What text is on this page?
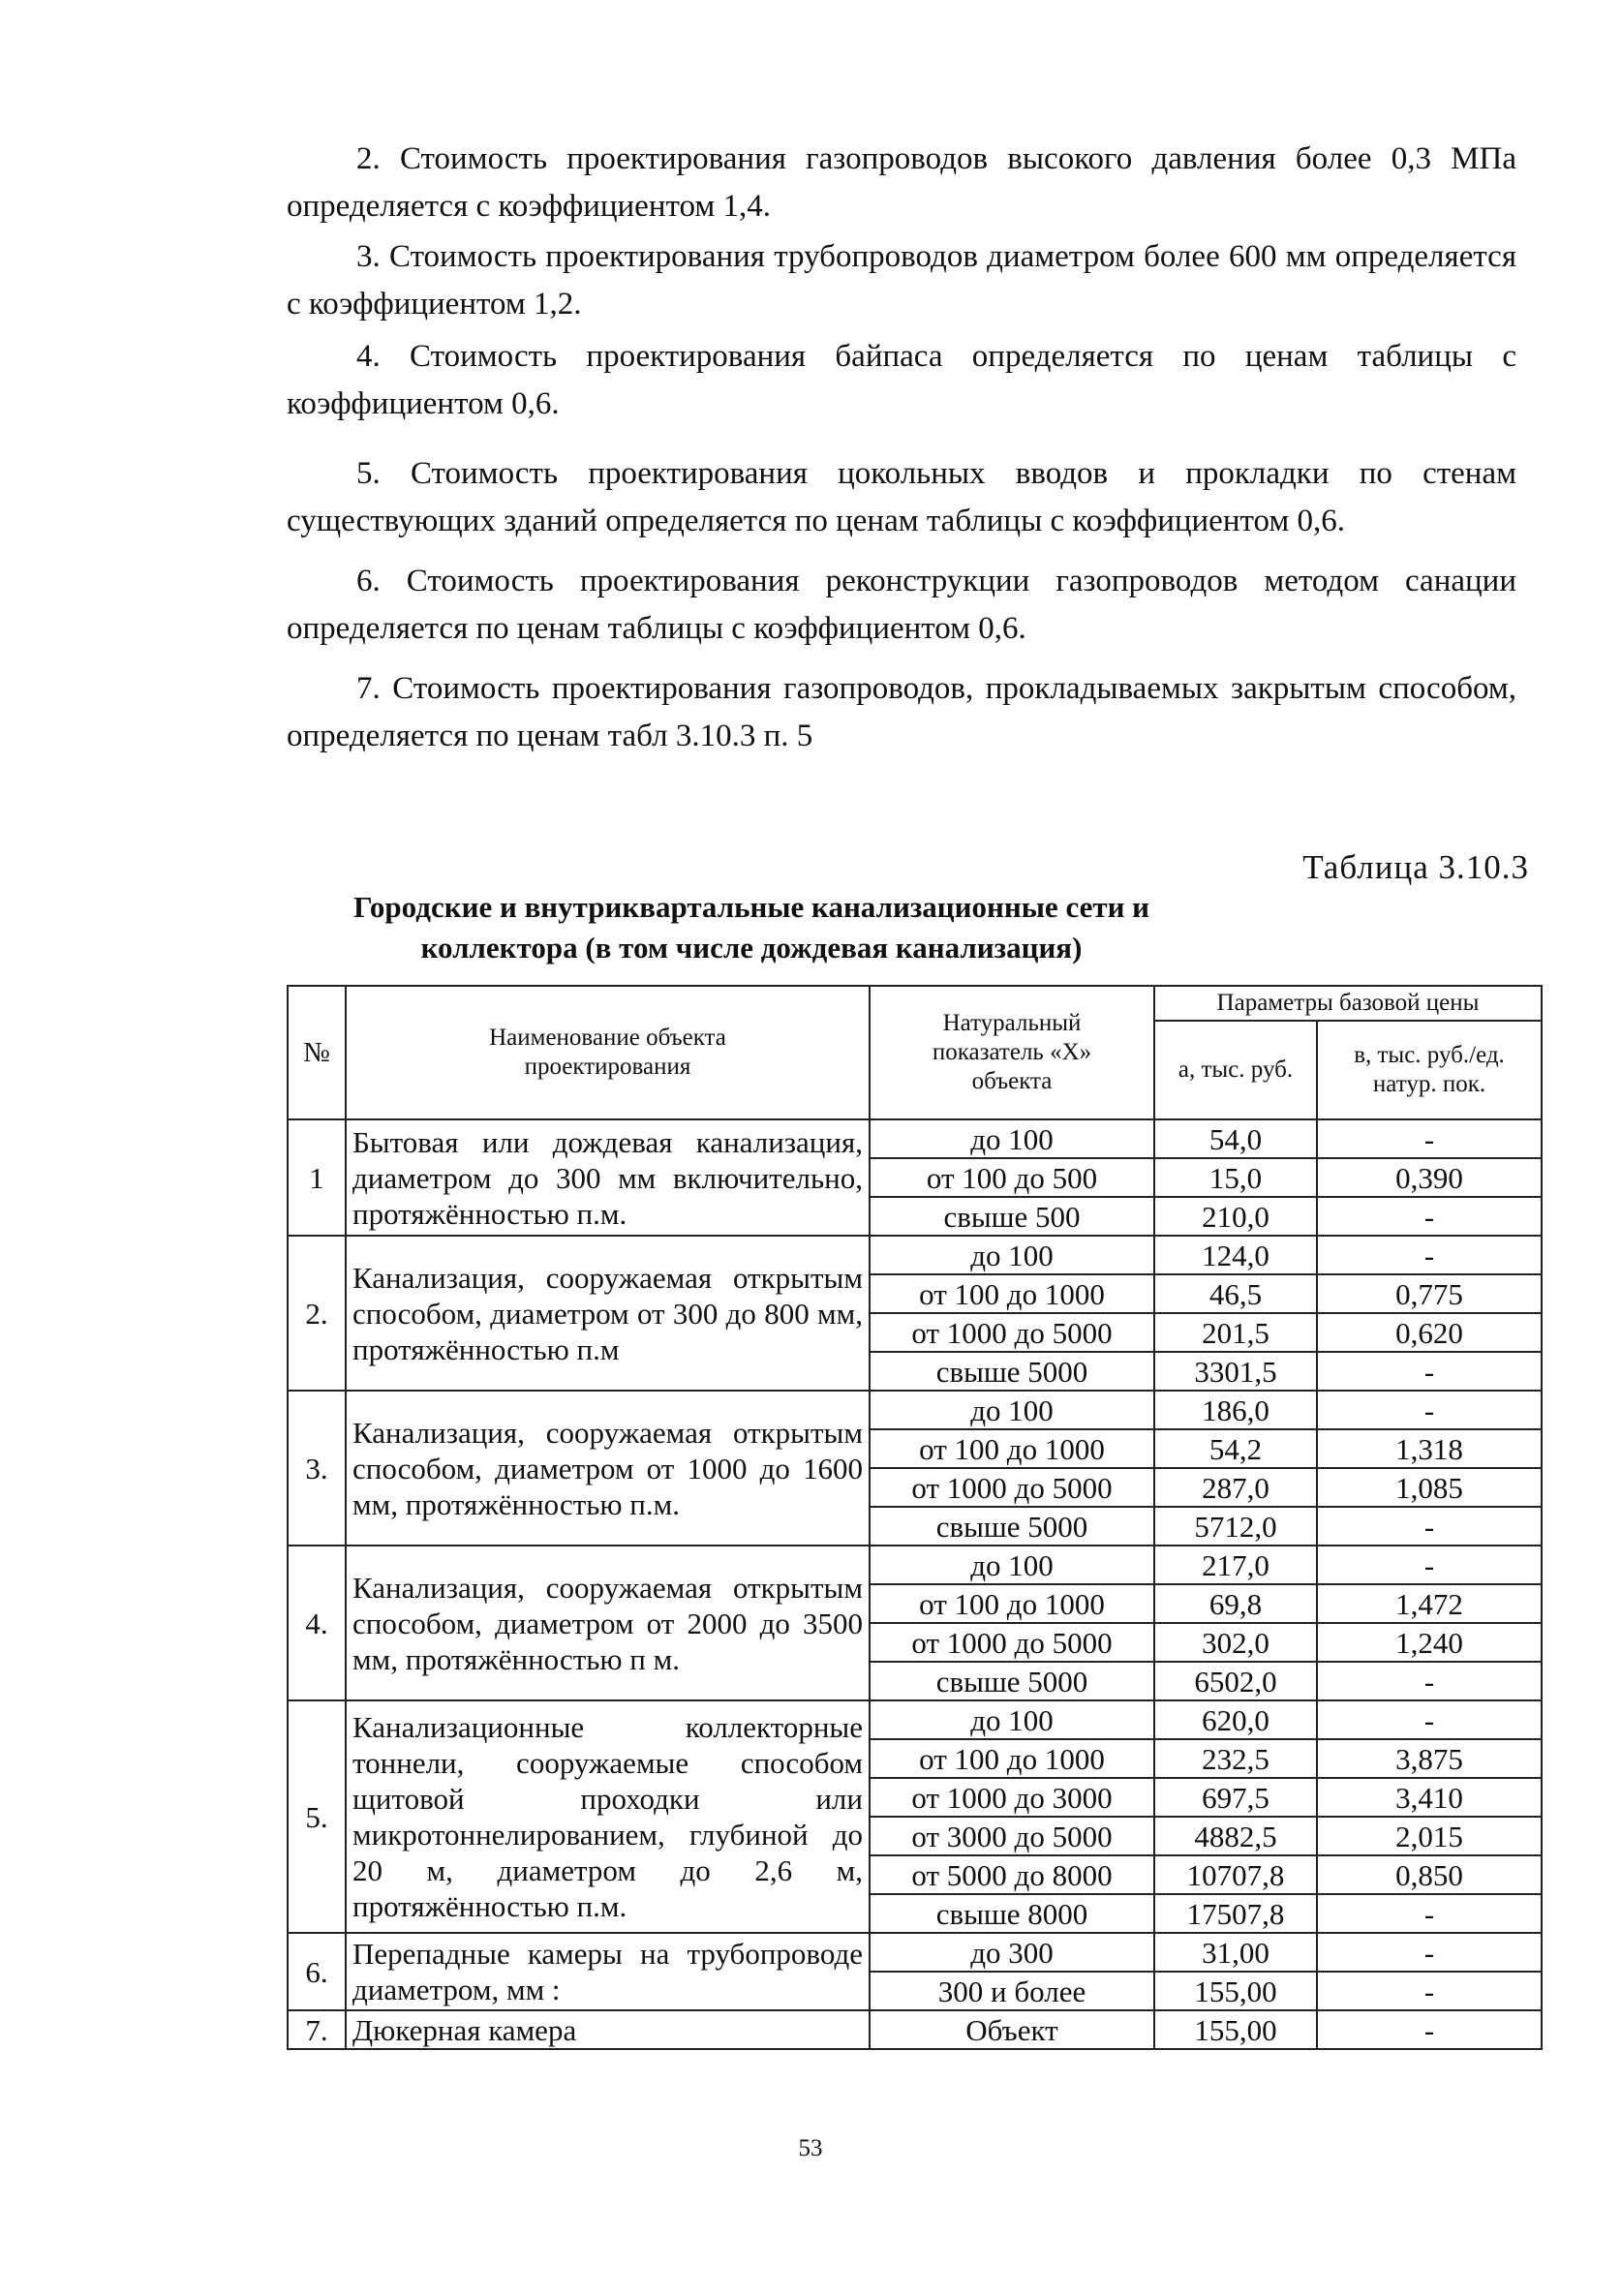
2. Стоимость проектирования газопроводов высокого давления более 0,3 МПа определяется с коэффициентом 1,4.

3. Стоимость проектирования трубопроводов диаметром более 600 мм определяется с коэффициентом 1,2.

4. Стоимость проектирования байпаса определяется по ценам таблицы с коэффициентом 0,6.

5. Стоимость проектирования цокольных вводов и прокладки по стенам существующих зданий определяется по ценам таблицы с коэффициентом 0,6.

6. Стоимость проектирования реконструкции газопроводов методом санации определяется по ценам таблицы с коэффициентом 0,6.

7. Стоимость проектирования газопроводов, прокладываемых закрытым способом, определяется по ценам табл 3.10.3 п. 5

Таблица 3.10.3
Городские и внутриквартальные канализационные сети и
коллектора (в том числе дождевая канализация)
№	Наименование объекта проектирования	Натуральный показатель «X» объекта	Параметры базовой цены	
			а, тыс. руб.	в, тыс. руб./ед. натур. пок.
1	Бытовая или дождевая канализация, диаметром до 300 мм включительно, протяжённостью п.м.	до 100	54,0	-
		от 100 до 500	15,0	0,390
		свыше 500	210,0	-
2.	Канализация, сооружаемая открытым способом, диаметром от 300 до 800 мм, протяжённостью п.м	до 100	124,0	-
		от 100 до 1000	46,5	0,775
		от 1000 до 5000	201,5	0,620
		свыше 5000	3301,5	-
3.	Канализация, сооружаемая открытым способом, диаметром от 1000 до 1600 мм, протяжённостью п.м.	до 100	186,0	-
		от 100 до 1000	54,2	1,318
		от 1000 до 5000	287,0	1,085
		свыше 5000	5712,0	-
4.	Канализация, сооружаемая открытым способом, диаметром от 2000 до 3500 мм, протяжённостью п м.	до 100	217,0	-
		от 100 до 1000	69,8	1,472
		от 1000 до 5000	302,0	1,240
		свыше 5000	6502,0	-
5.	Канализационные коллекторные тоннели, сооружаемые способом щитовой проходки или микротоннелированием, глубиной до 20 м, диаметром до 2,6 м, протяжённостью п.м.	до 100	620,0	-
		от 100 до 1000	232,5	3,875
		от 1000 до 3000	697,5	3,410
		от 3000 до 5000	4882,5	2,015
		от 5000 до 8000	10707,8	0,850
		свыше 8000	17507,8	-
6.	Перепадные камеры на трубопроводе диаметром, мм :	до 300	31,00	-
		300 и более	155,00	-
7.	Дюкерная камера	Объект	155,00	-
53
